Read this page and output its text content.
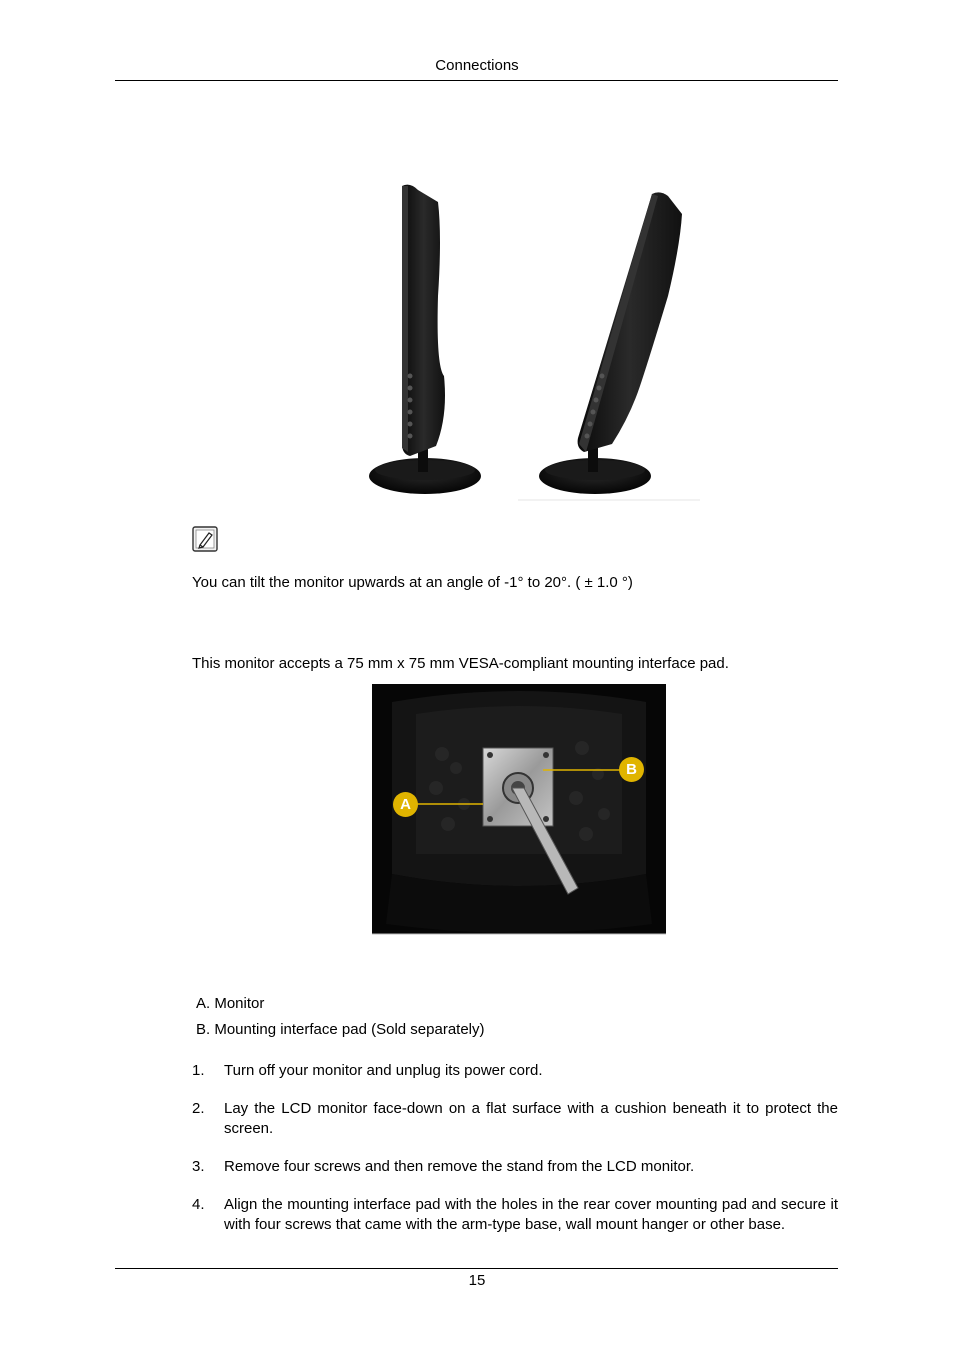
Connections
You can tilt the monitor upwards at an angle of -1° to 20°. ( ± 1.0 °)
This monitor accepts a 75 mm x 75 mm VESA-compliant mounting interface pad.
A
B
A. Monitor
B. Mounting interface pad (Sold separately)
1. Turn off your monitor and unplug its power cord.
2. Lay the LCD monitor face-down on a flat surface with a cushion beneath it to protect the screen.
3. Remove four screws and then remove the stand from the LCD monitor.
4. Align the mounting interface pad with the holes in the rear cover mounting pad and secure it with four screws that came with the arm-type base, wall mount hanger or other base.
15
